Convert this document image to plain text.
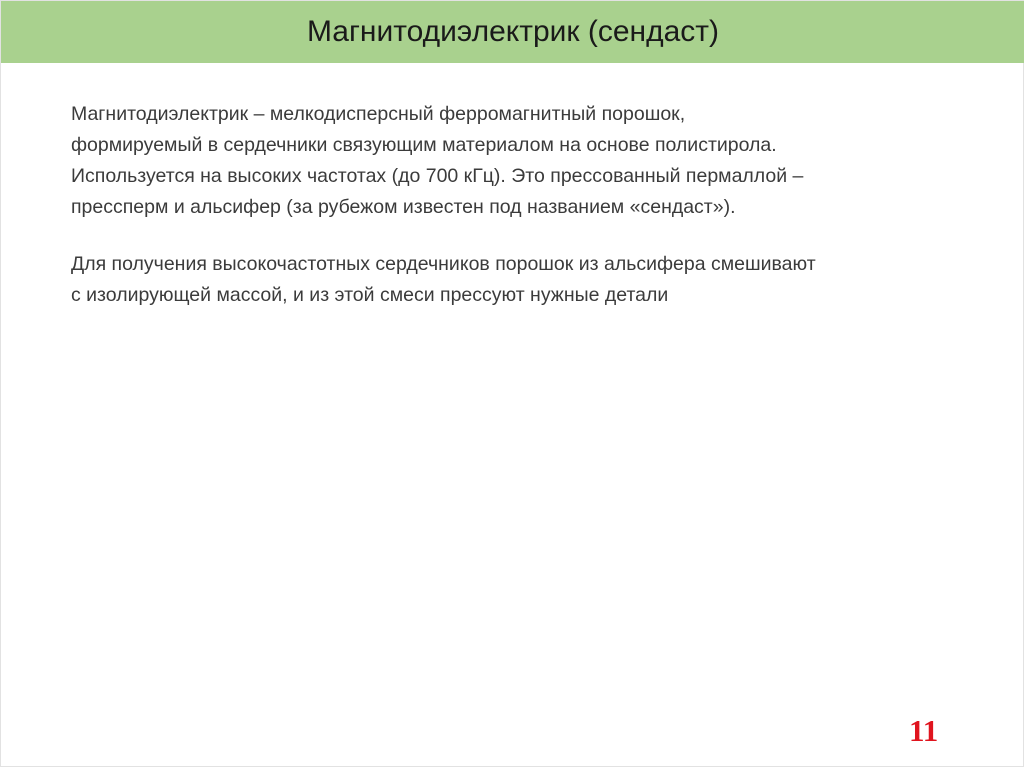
Магнитодиэлектрик (сендаст)

Магнитодиэлектрик – мелкодисперсный ферромагнитный порошок,
формируемый в сердечники связующим материалом на основе полистирола.
Используется на высоких частотах (до 700 кГц). Это прессованный пермаллой –
прессперм и альсифер (за рубежом известен под названием «сендаст»).

Для получения высокочастотных сердечников порошок из альсифера смешивают
с изолирующей массой, и из этой смеси прессуют нужные детали

11
